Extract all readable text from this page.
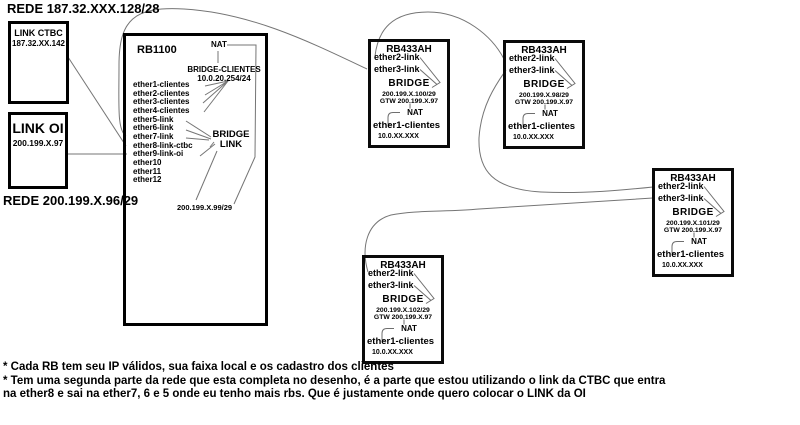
REDE 187.32.XXX.128/28
LINK CTBC
187.32.XX.142
LINK OI
200.199.X.97
REDE 200.199.X.96/29
RB1100	NAT
BRIDGE-CLIENTES
10.0.20.254/24
ether1-clientes
ether2-clientes
ether3-clientes
ether4-clientes
ether5-link
ether6-link
ether7-link
ether8-link-ctbc
ether9-link-oi
ether10
ether11
ether12
BRIDGE
LINK
200.199.X.99/29
RB433AH
ether2-link
ether3-link
BRIDGE
200.199.X.100/29
GTW 200.199.X.97
NAT
ether1-clientes
10.0.XX.XXX
RB433AH
ether2-link
ether3-link
BRIDGE
200.199.X.98/29
GTW 200.199.X.97
NAT
ether1-clientes
10.0.XX.XXX
RB433AH
ether2-link
ether3-link
BRIDGE
200.199.X.101/29
GTW 200.199.X.97
NAT
ether1-clientes
10.0.XX.XXX
RB433AH
ether2-link
ether3-link
BRIDGE
200.199.X.102/29
GTW 200.199.X.97
NAT
ether1-clientes
10.0.XX.XXX
* Cada RB tem seu IP válidos, sua faixa local e os cadastro dos clientes
* Tem uma segunda parte da rede que esta completa no desenho, é a parte que estou utilizando o link da CTBC que entra
na ether8 e sai na ether7, 6 e 5 onde eu tenho mais rbs. Que é justamente onde quero colocar o LINK da OI
